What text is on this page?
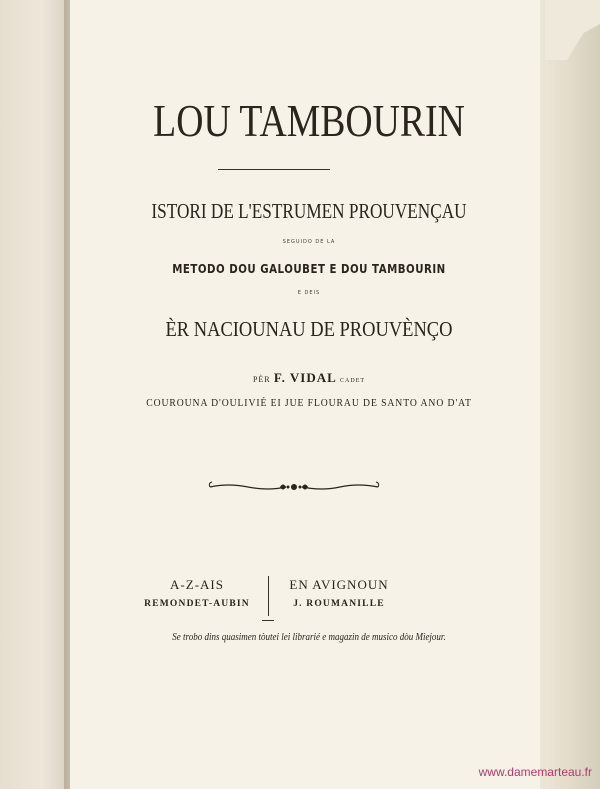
LOU TAMBOURIN
ISTORI DE L'ESTRUMEN PROUVENÇAU
SEGUIDO DE LA
METODO DOU GALOUBET E DOU TAMBOURIN
E DEIS
ÈR NACIOUNAU DE PROUVÈNÇO
PÈR F. VIDAL CADET
COUROUNA D'OULIVIÉ EI JUE FLOURAU DE SANTO ANO D'AT
A-Z-AIS
REMONDET-AUBIN
EN AVIGNOUN
J. ROUMANILLE
Se trobo dins quasimen tòutei lei librarié e magazin de musico dòu Miejour.
www.damemarteau.fr
